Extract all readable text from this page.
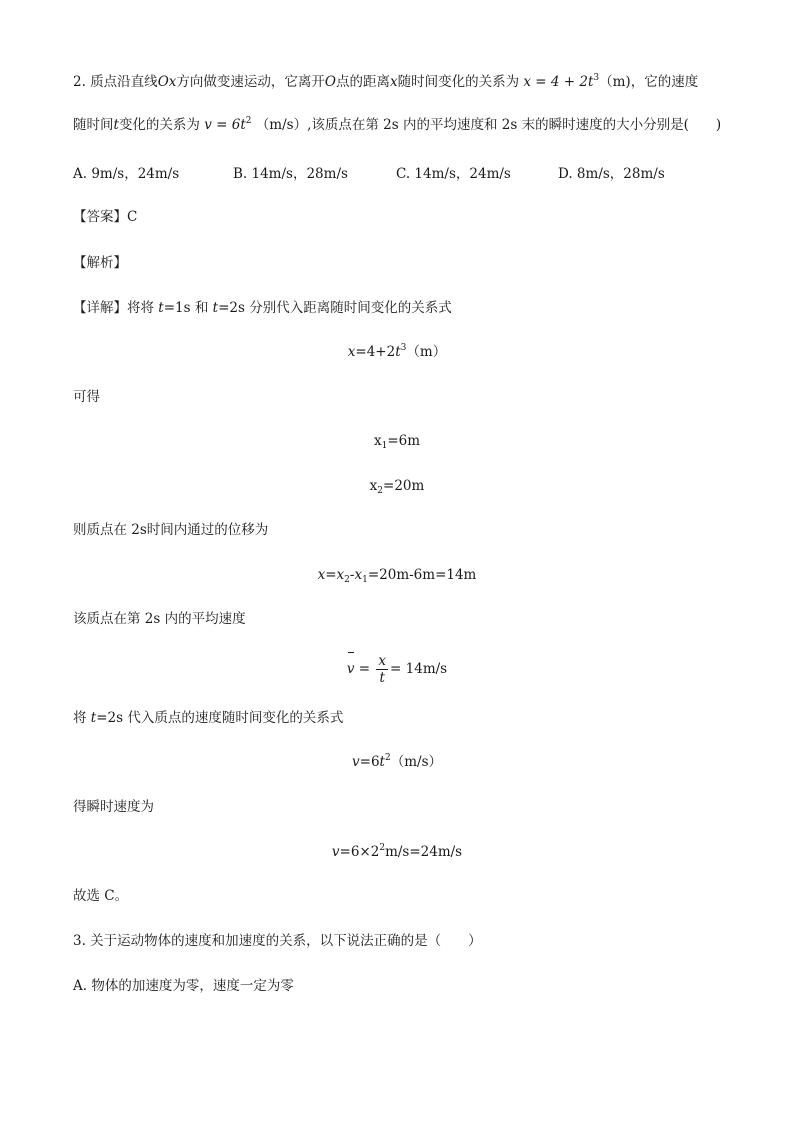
2. 质点沿直线Ox方向做变速运动，它离开O点的距离x随时间变化的关系为 $x = 4 + 2t^3(m)$，它的速度
随时间t变化的关系为 $v = 6t^2$ （m/s）,该质点在第 2s 内的平均速度和 2s 末的瞬时速度的大小分别是(　　)
A. 9m/s，24m/s	B. 14m/s，28m/s	C. 14m/s，24m/s	D. 8m/s，28m/s
【答案】C
【解析】
【详解】将将 t=1s 和 t=2s 分别代入距离随时间变化的关系式
$x=4+2t^3(m)$
可得
$x_1=6m$
$x_2=20m$
则质点在 2s时间内通过的位移为
$x=x_2-x_1=20m-6m=14m$
该质点在第 2s 内的平均速度
$v = \frac{x}{t} = 14m/s$
将 t=2s 代入质点的速度随时间变化的关系式
$v=6t^2(m/s)$
得瞬时速度为
$v=6\times 2^2m/s=24m/s$
故选 C。
3. 关于运动物体的速度和加速度的关系，以下说法正确的是（　　）
A. 物体的加速度为零，速度一定为零
